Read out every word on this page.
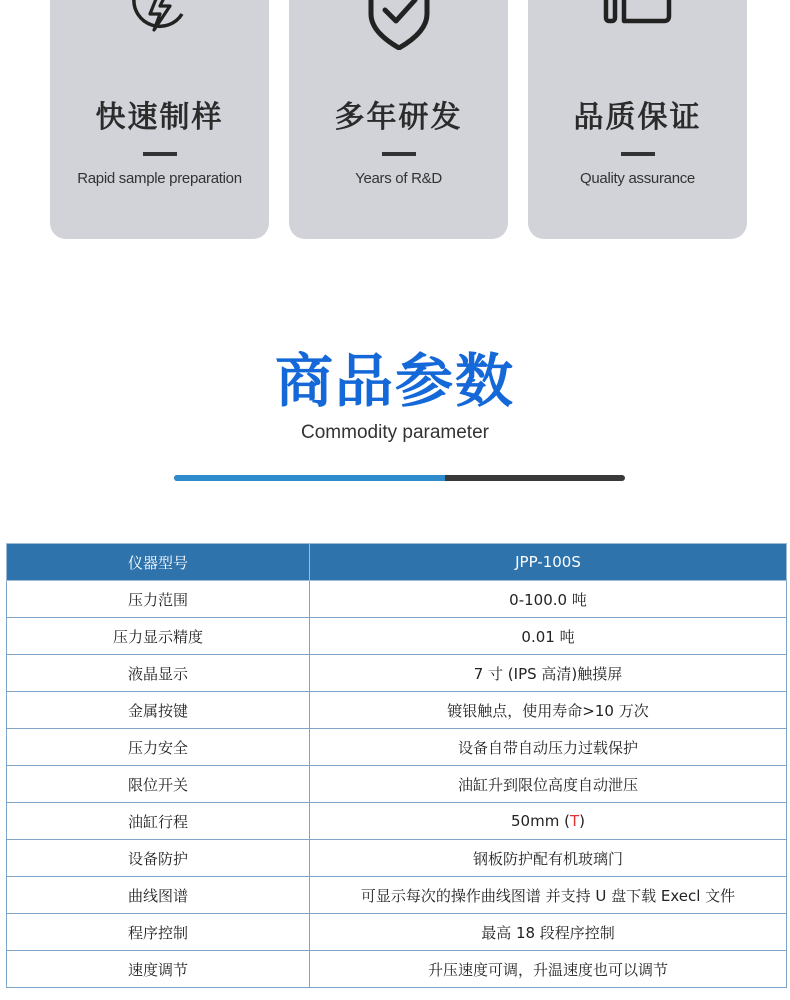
快速制样
Rapid sample preparation
多年研发
Years of R&D
品质保证
Quality assurance
商品参数
Commodity parameter
仪器型号	JPP-100S
压力范围	0-100.0 吨
压力显示精度	0.01 吨
液晶显示	7 寸 (IPS 高清)触摸屏
金属按键	镀银触点，使用寿命>10 万次
压力安全	设备自带自动压力过载保护
限位开关	油缸升到限位高度自动泄压
油缸行程	50mm (T)
设备防护	钢板防护配有机玻璃门
曲线图谱	可显示每次的操作曲线图谱 并支持 U 盘下载 Execl 文件
程序控制	最高 18 段程序控制
速度调节	升压速度可调，升温速度也可以调节
